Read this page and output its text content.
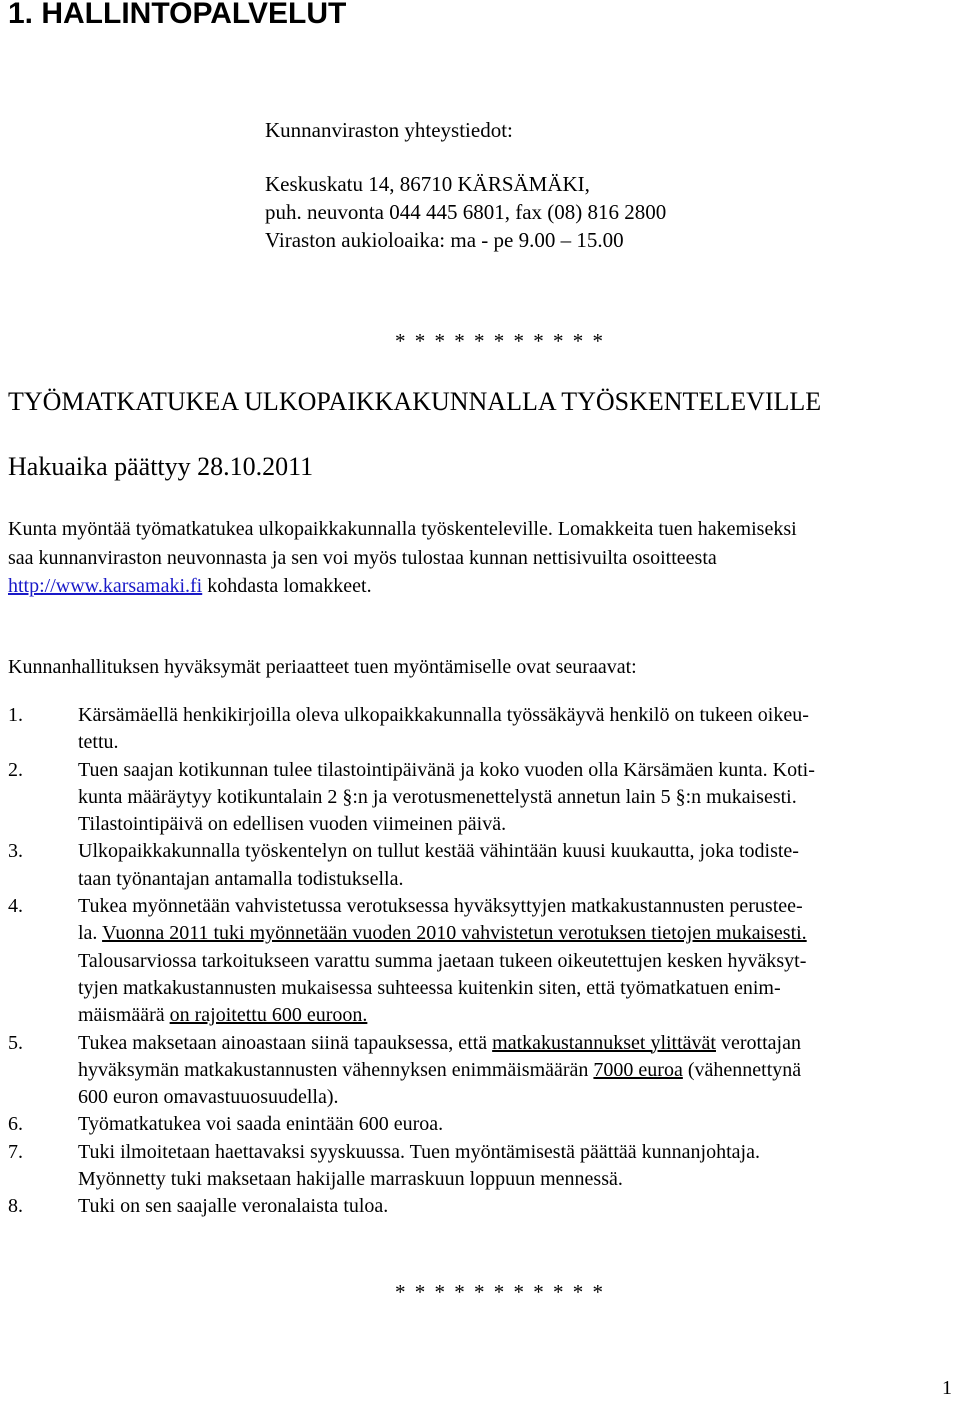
1. HALLINTOPALVELUT
Kunnanviraston yhteystiedot:
Keskuskatu 14, 86710 KÄRSÄMÄKI,
puh. neuvonta 044 445 6801, fax (08) 816 2800
Viraston aukioloaika: ma - pe 9.00 – 15.00
* * * * * * * * * * *
TYÖMATKATUKEA ULKOPAIKKAKUNNALLA TYÖSKENTELEVILLE
Hakuaika päättyy 28.10.2011
Kunta myöntää työmatkatukea ulkopaikkakunnalla työskenteleville. Lomakkeita tuen hakemiseksi
saa kunnanviraston neuvonnasta ja sen voi myös tulostaa kunnan nettisivuilta osoitteesta
http://www.karsamaki.fi kohdasta lomakkeet.
Kunnanhallituksen hyväksymät periaatteet tuen myöntämiselle ovat seuraavat:
1.	Kärsämäellä henkikirjoilla oleva ulkopaikkakunnalla työssäkäyvä henkilö on tukeen oikeu-
tettu.
2.	Tuen saajan kotikunnan tulee tilastointipäivänä ja koko vuoden olla Kärsämäen kunta. Koti-
kunta määräytyy kotikuntalain 2 §:n ja verotusmenettelystä annetun lain 5 §:n mukaisesti.
Tilastointipäivä on edellisen vuoden viimeinen päivä.
3.	Ulkopaikkakunnalla työskentelyn on tullut kestää vähintään kuusi kuukautta, joka todiste-
taan työnantajan antamalla todistuksella.
4.	Tukea myönnetään vahvistetussa verotuksessa hyväksyttyjen matkakustannusten perustee-
la. Vuonna 2011 tuki myönnetään vuoden 2010 vahvistetun verotuksen tietojen mukaisesti.
Talousarviossa tarkoitukseen varattu summa jaetaan tukeen oikeutettujen kesken hyväksyt-
tyjen matkakustannusten mukaisessa suhteessa kuitenkin siten, että työmatkatuen enim-
mäismäärä on rajoitettu 600 euroon.
5.	Tukea maksetaan ainoastaan siinä tapauksessa, että matkakustannukset ylittävät verottajan
hyväksymän matkakustannusten vähennyksen enimmäismäärän 7000 euroa (vähennettynä
600 euron omavastuuosuudella).
6.	Työmatkatukea voi saada enintään 600 euroa.
7.	Tuki ilmoitetaan haettavaksi syyskuussa. Tuen myöntämisestä päättää kunnanjohtaja.
Myönnetty tuki maksetaan hakijalle marraskuun loppuun mennessä.
8.	Tuki on sen saajalle veronalaista tuloa.
* * * * * * * * * * *
1
